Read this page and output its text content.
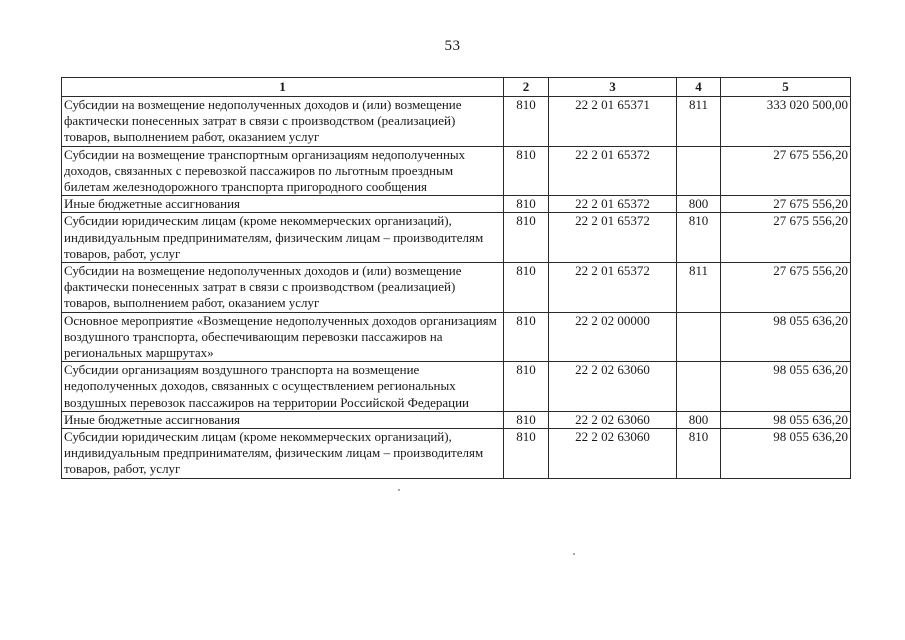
53
1	2	3	4	5
Субсидии на возмещение недополученных доходов и (или) возмещение фактически понесенных затрат в связи с производством (реализацией) товаров, выполнением работ, оказанием услуг	810	22 2 01 65371	811	333 020 500,00
Субсидии на возмещение транспортным организациям недополученных доходов, связанных с перевозкой пассажиров по льготным проездным билетам железнодорожного транспорта пригородного сообщения	810	22 2 01 65372		27 675 556,20
Иные бюджетные ассигнования	810	22 2 01 65372	800	27 675 556,20
Субсидии юридическим лицам (кроме некоммерческих организаций), индивидуальным предпринимателям, физическим лицам – производителям товаров, работ, услуг	810	22 2 01 65372	810	27 675 556,20
Субсидии на возмещение недополученных доходов и (или) возмещение фактически понесенных затрат в связи с производством (реализацией) товаров, выполнением работ, оказанием услуг	810	22 2 01 65372	811	27 675 556,20
Основное мероприятие «Возмещение недополученных доходов организациям воздушного транспорта, обеспечивающим перевозки пассажиров на региональных маршрутах»	810	22 2 02 00000		98 055 636,20
Субсидии организациям воздушного транспорта на возмещение недополученных доходов, связанных с осуществлением региональных воздушных перевозок пассажиров на территории Российской Федерации	810	22 2 02 63060		98 055 636,20
Иные бюджетные ассигнования	810	22 2 02 63060	800	98 055 636,20
Субсидии юридическим лицам (кроме некоммерческих организаций), индивидуальным предпринимателям, физическим лицам – производителям товаров, работ, услуг	810	22 2 02 63060	810	98 055 636,20
